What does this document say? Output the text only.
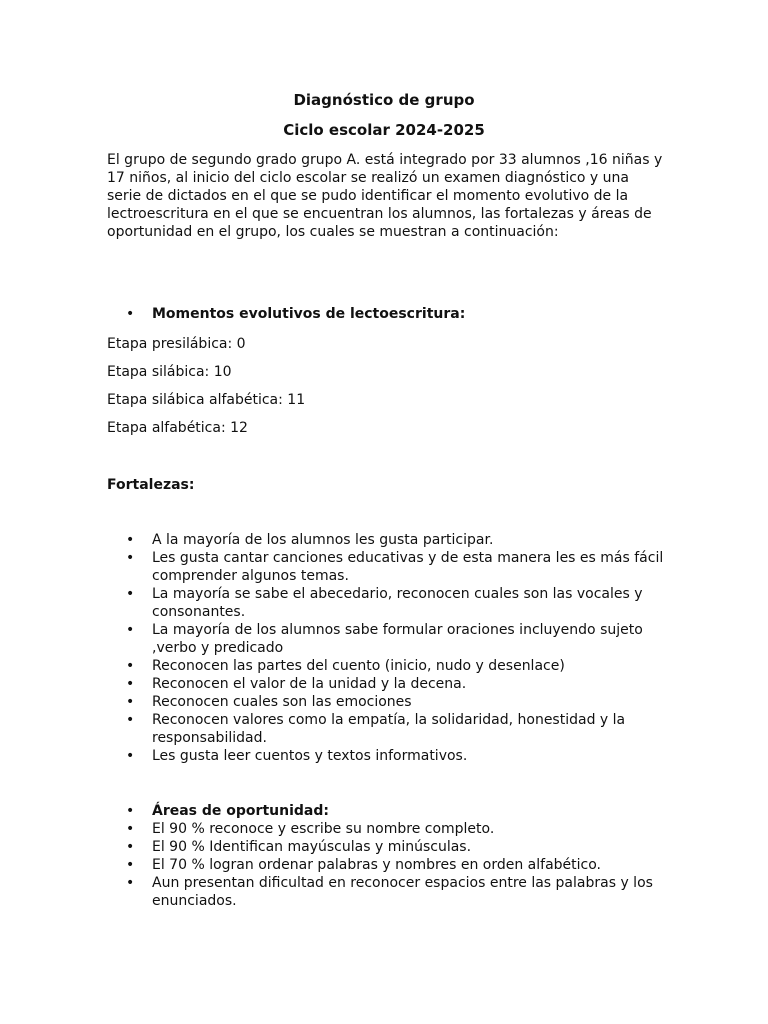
Diagnóstico de grupo
Ciclo escolar 2024-2025

El grupo de segundo grado grupo A. está integrado por 33 alumnos ,16 niñas y 17 niños, al inicio del ciclo escolar se realizó un examen diagnóstico y una serie de dictados en el que se pudo identificar el momento evolutivo de la lectroescritura en el que se encuentran los alumnos, las fortalezas y áreas de oportunidad en el grupo, los cuales se muestran a continuación:

• Momentos evolutivos de lectoescritura:

Etapa presilábica: 0

Etapa silábica: 10

Etapa silábica alfabética: 11

Etapa alfabética: 12

Fortalezas:

• A la mayoría de los alumnos les gusta participar.
• Les gusta cantar canciones educativas y de esta manera les es más fácil comprender algunos temas.
• La mayoría se sabe el abecedario, reconocen cuales son las vocales y consonantes.
• La mayoría de los alumnos sabe formular oraciones incluyendo sujeto ,verbo y predicado
• Reconocen las partes del cuento (inicio, nudo y desenlace)
• Reconocen el valor de la unidad y la decena.
• Reconocen cuales son las emociones
• Reconocen valores como la empatía, la solidaridad, honestidad y la responsabilidad.
• Les gusta leer cuentos y textos informativos.
• Áreas de oportunidad:
• El 90 % reconoce y escribe su nombre completo.
• El 90 % Identifican mayúsculas y minúsculas.
• El 70 % logran ordenar palabras y nombres en orden alfabético.
• Aun presentan dificultad en reconocer espacios entre las palabras y los enunciados.
